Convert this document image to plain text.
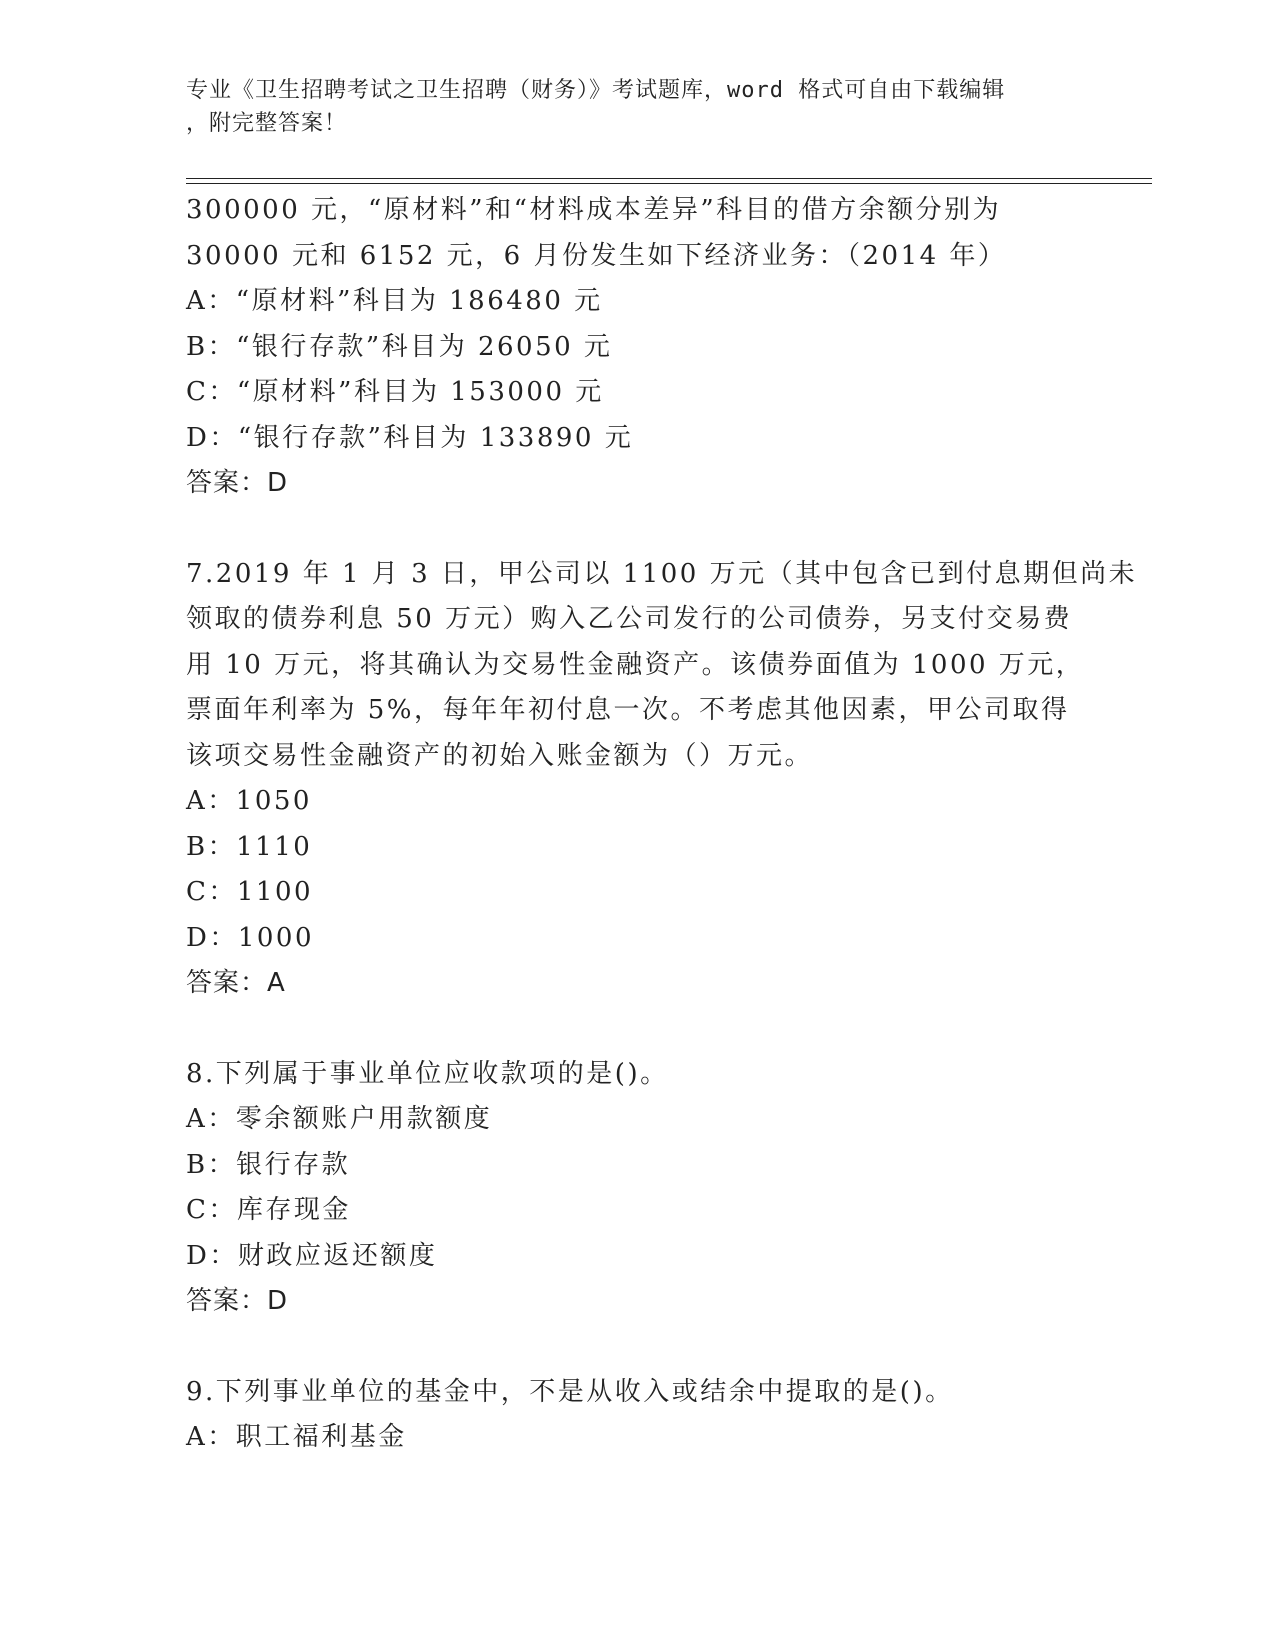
专业《卫生招聘考试之卫生招聘（财务）》考试题库，word 格式可自由下载编辑
，附完整答案！
300000 元，“原材料”和“材料成本差异”科目的借方余额分别为
30000 元和 6152 元，6 月份发生如下经济业务：（2014 年）
A：“原材料”科目为 186480 元
B：“银行存款”科目为 26050 元
C：“原材料”科目为 153000 元
D：“银行存款”科目为 133890 元
答案：D
7.2019 年 1 月 3 日，甲公司以 1100 万元（其中包含已到付息期但尚未
领取的债券利息 50 万元）购入乙公司发行的公司债券，另支付交易费
用 10 万元，将其确认为交易性金融资产。该债券面值为 1000 万元，
票面年利率为 5%，每年年初付息一次。不考虑其他因素，甲公司取得
该项交易性金融资产的初始入账金额为（）万元。
A：1050
B：1110
C：1100
D：1000
答案：A
8.下列属于事业单位应收款项的是()。
A：零余额账户用款额度
B：银行存款
C：库存现金
D：财政应返还额度
答案：D
9.下列事业单位的基金中，不是从收入或结余中提取的是()。
A：职工福利基金
